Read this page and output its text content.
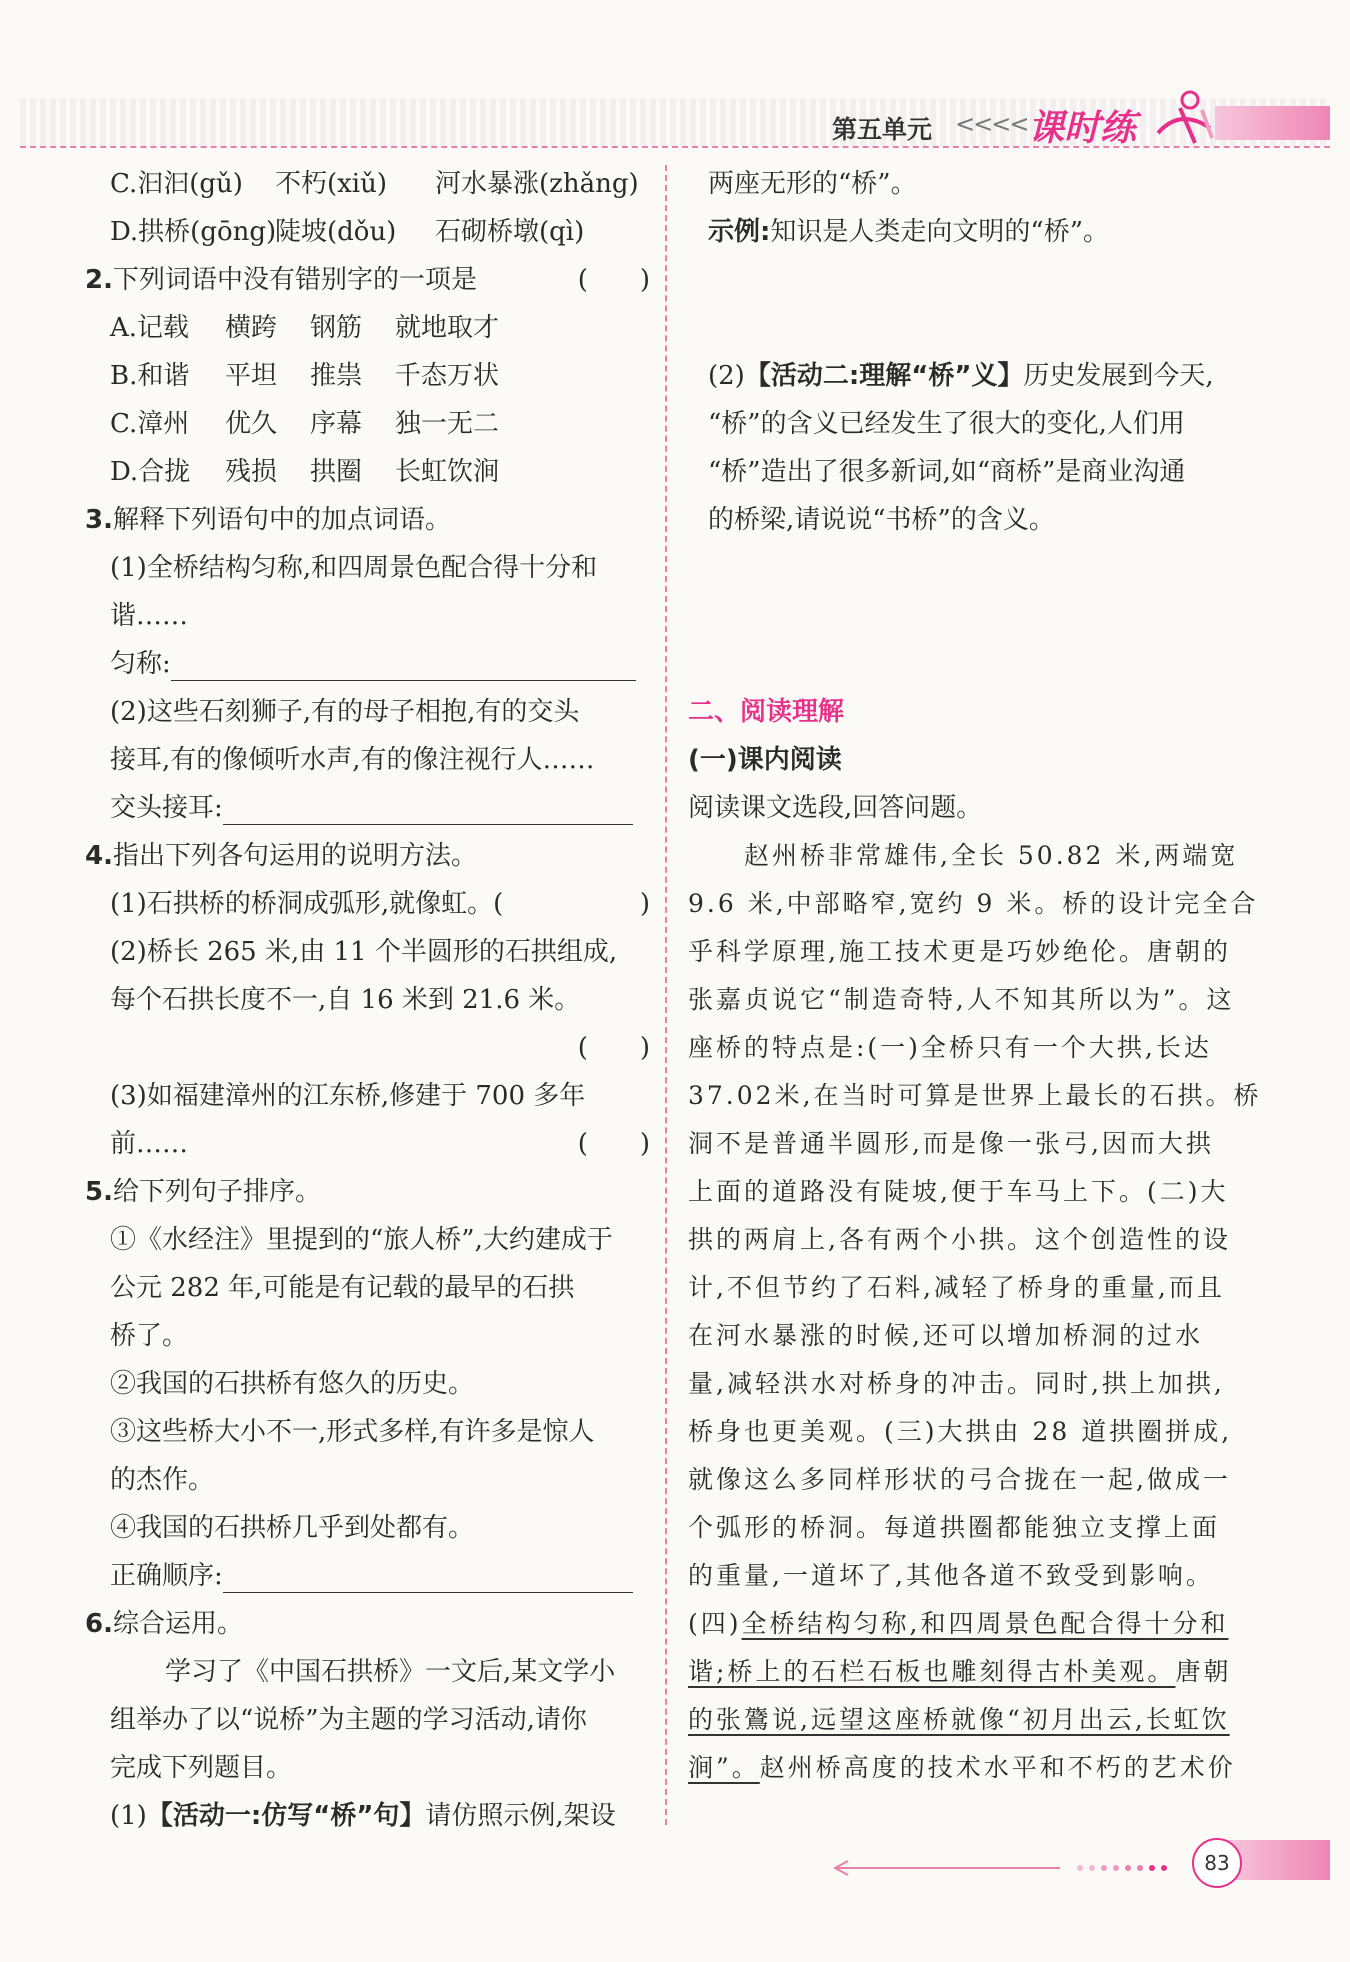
第五单元 <<<< 课时练
C.汩汩(gǔ) 不朽(xiǔ) 河水暴涨(zhǎng)
D.拱桥(gōng)陡坡(dǒu) 石砌桥墩(qì)
2.下列词语中没有错别字的一项是	(　　)
A.记载 横跨 钢筋 就地取才
B.和谐 平坦 推祟 千态万状
C.漳州 优久 序幕 独一无二
D.合拢 残损 拱圈 长虹饮涧
3.解释下列语句中的加点词语。
(1)全桥结构匀称,和四周景色配合得十分和
谐……
匀称:
(2)这些石刻狮子,有的母子相抱,有的交头
接耳,有的像倾听水声,有的像注视行人……
交头接耳:
4.指出下列各句运用的说明方法。
(1)石拱桥的桥洞成弧形,就像虹。(	)
(2)桥长 265 米,由 11 个半圆形的石拱组成,
每个石拱长度不一,自 16 米到 21.6 米。
(　　)
(3)如福建漳州的江东桥,修建于 700 多年
前……	(　　)
5.给下列句子排序。
①《水经注》里提到的“旅人桥”,大约建成于
公元 282 年,可能是有记载的最早的石拱
桥了。
②我国的石拱桥有悠久的历史。
③这些桥大小不一,形式多样,有许多是惊人
的杰作。
④我国的石拱桥几乎到处都有。
正确顺序:
6.综合运用。
学习了《中国石拱桥》一文后,某文学小
组举办了以“说桥”为主题的学习活动,请你
完成下列题目。
(1)【活动一:仿写“桥”句】请仿照示例,架设
两座无形的“桥”。
示例:知识是人类走向文明的“桥”。
(2)【活动二:理解“桥”义】历史发展到今天,
“桥”的含义已经发生了很大的变化,人们用
“桥”造出了很多新词,如“商桥”是商业沟通
的桥梁,请说说“书桥”的含义。
二、阅读理解
(一)课内阅读
阅读课文选段,回答问题。
　　赵州桥非常雄伟,全长 50.82 米,两端宽
9.6 米,中部略窄,宽约 9 米。桥的设计完全合
乎科学原理,施工技术更是巧妙绝伦。唐朝的
张嘉贞说它“制造奇特,人不知其所以为”。这
座桥的特点是:(一)全桥只有一个大拱,长达
37.02米,在当时可算是世界上最长的石拱。桥
洞不是普通半圆形,而是像一张弓,因而大拱
上面的道路没有陡坡,便于车马上下。(二)大
拱的两肩上,各有两个小拱。这个创造性的设
计,不但节约了石料,减轻了桥身的重量,而且
在河水暴涨的时候,还可以增加桥洞的过水
量,减轻洪水对桥身的冲击。同时,拱上加拱,
桥身也更美观。(三)大拱由 28 道拱圈拼成,
就像这么多同样形状的弓合拢在一起,做成一
个弧形的桥洞。每道拱圈都能独立支撑上面
的重量,一道坏了,其他各道不致受到影响。
(四)全桥结构匀称,和四周景色配合得十分和
谐;桥上的石栏石板也雕刻得古朴美观。唐朝
的张鷟说,远望这座桥就像“初月出云,长虹饮
涧”。赵州桥高度的技术水平和不朽的艺术价
83
